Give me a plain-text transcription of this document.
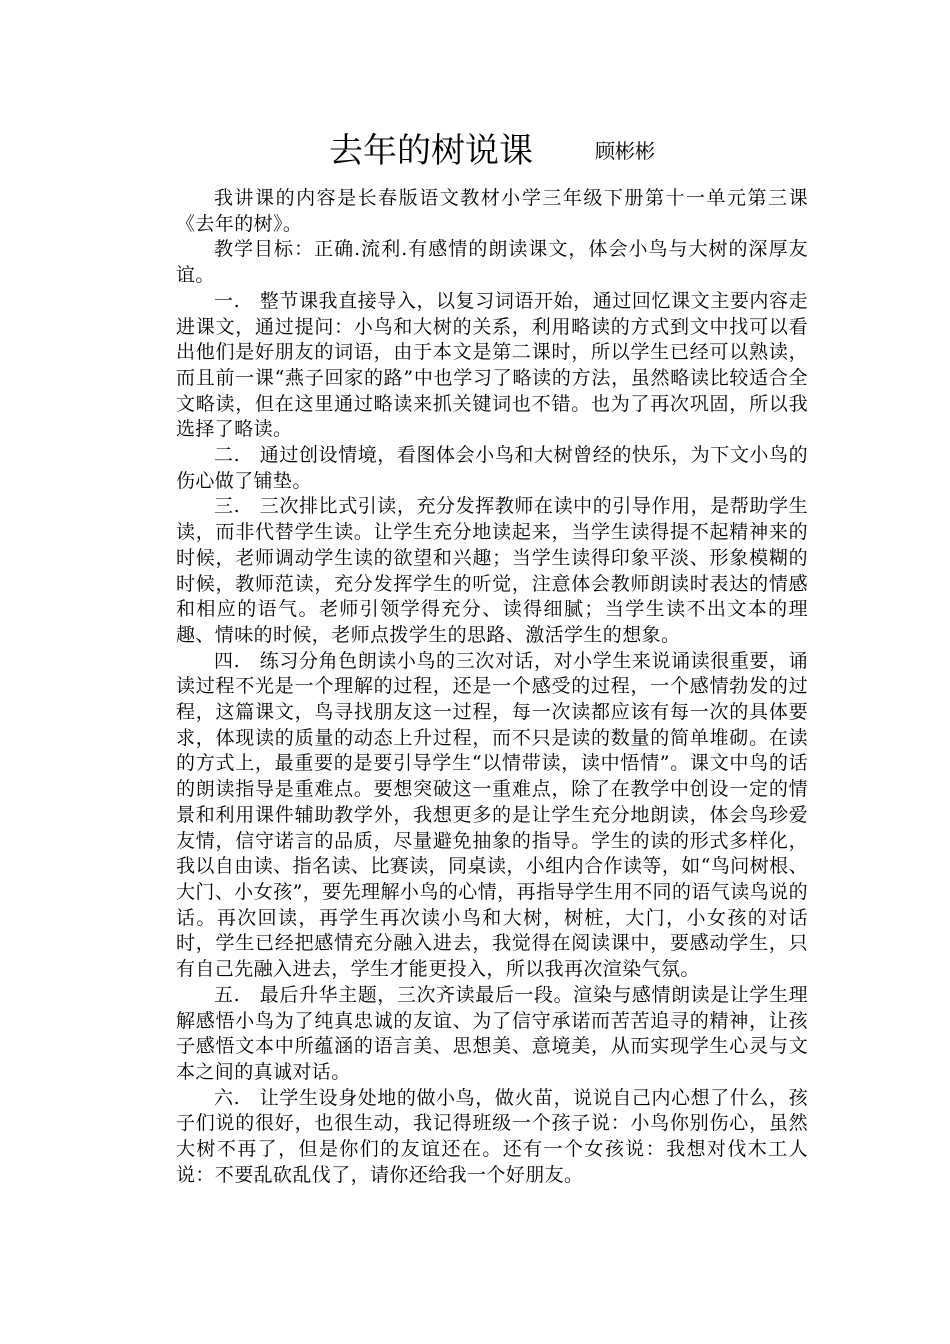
去年的树说课	顾彬彬

我讲课的内容是长春版语文教材小学三年级下册第十一单元第三课《去年的树》。

教学目标：正确.流利.有感情的朗读课文，体会小鸟与大树的深厚友谊。

一.　整节课我直接导入，以复习词语开始，通过回忆课文主要内容走进课文，通过提问：小鸟和大树的关系，利用略读的方式到文中找可以看出他们是好朋友的词语，由于本文是第二课时，所以学生已经可以熟读，而且前一课“燕子回家的路”中也学习了略读的方法，虽然略读比较适合全文略读，但在这里通过略读来抓关键词也不错。也为了再次巩固，所以我选择了略读。

二.　通过创设情境，看图体会小鸟和大树曾经的快乐，为下文小鸟的伤心做了铺垫。

三.　三次排比式引读，充分发挥教师在读中的引导作用，是帮助学生读，而非代替学生读。让学生充分地读起来，当学生读得提不起精神来的时候，老师调动学生读的欲望和兴趣；当学生读得印象平淡、形象模糊的时候，教师范读，充分发挥学生的听觉，注意体会教师朗读时表达的情感和相应的语气。老师引领学得充分、读得细腻；当学生读不出文本的理趣、情味的时候，老师点拨学生的思路、激活学生的想象。

四.　练习分角色朗读小鸟的三次对话，对小学生来说诵读很重要，诵读过程不光是一个理解的过程，还是一个感受的过程，一个感情勃发的过程，这篇课文，鸟寻找朋友这一过程，每一次读都应该有每一次的具体要求，体现读的质量的动态上升过程，而不只是读的数量的简单堆砌。在读的方式上，最重要的是要引导学生“以情带读，读中悟情”。课文中鸟的话的朗读指导是重难点。要想突破这一重难点，除了在教学中创设一定的情景和利用课件辅助教学外，我想更多的是让学生充分地朗读，体会鸟珍爱友情，信守诺言的品质，尽量避免抽象的指导。学生的读的形式多样化，我以自由读、指名读、比赛读，同桌读，小组内合作读等，如“鸟问树根、大门、小女孩”，要先理解小鸟的心情，再指导学生用不同的语气读鸟说的话。再次回读，再学生再次读小鸟和大树，树桩，大门，小女孩的对话时，学生已经把感情充分融入进去，我觉得在阅读课中，要感动学生，只有自己先融入进去，学生才能更投入，所以我再次渲染气氛。

五.　最后升华主题，三次齐读最后一段。渲染与感情朗读是让学生理解感悟小鸟为了纯真忠诚的友谊、为了信守承诺而苦苦追寻的精神，让孩子感悟文本中所蕴涵的语言美、思想美、意境美，从而实现学生心灵与文本之间的真诚对话。

六.　让学生设身处地的做小鸟，做火苗，说说自己内心想了什么，孩子们说的很好，也很生动，我记得班级一个孩子说：小鸟你别伤心，虽然大树不再了，但是你们的友谊还在。还有一个女孩说：我想对伐木工人说：不要乱砍乱伐了，请你还给我一个好朋友。
